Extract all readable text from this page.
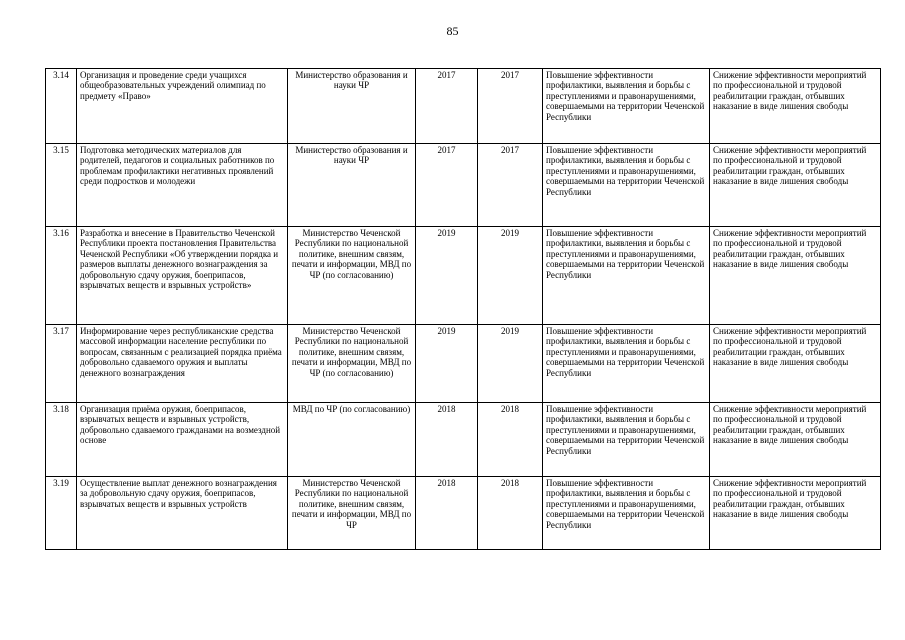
85
3.14	Организация и проведение среди учащихся общеобразовательных учреждений олимпиад по предмету «Право»	Министерство образования и науки ЧР	2017	2017	Повышение эффективности профилактики, выявления и борьбы с преступлениями и правонарушениями, совершаемыми на территории Чеченской Республики	Снижение эффективности мероприятий по профессиональной и трудовой реабилитации граждан, отбывших наказание в виде лишения свободы
3.15	Подготовка методических материалов для родителей, педагогов и социальных работников по проблемам профилактики негативных проявлений среди подростков и молодежи	Министерство образования и науки ЧР	2017	2017	Повышение эффективности профилактики, выявления и борьбы с преступлениями и правонарушениями, совершаемыми на территории Чеченской Республики	Снижение эффективности мероприятий по профессиональной и трудовой реабилитации граждан, отбывших наказание в виде лишения свободы
3.16	Разработка и внесение в Правительство Чеченской Республики проекта постановления Правительства Чеченской Республики «Об утверждении порядка и размеров выплаты денежного вознаграждения за добровольную сдачу оружия, боеприпасов, взрывчатых веществ и взрывных устройств»	Министерство Чеченской Республики по национальной политике, внешним связям, печати и информации, МВД по ЧР (по согласованию)	2019	2019	Повышение эффективности профилактики, выявления и борьбы с преступлениями и правонарушениями, совершаемыми на территории Чеченской Республики	Снижение эффективности мероприятий по профессиональной и трудовой реабилитации граждан, отбывших наказание в виде лишения свободы
3.17	Информирование через республиканские средства массовой информации население республики по вопросам, связанным с реализацией порядка приёма добровольно сдаваемого оружия и выплаты денежного вознаграждения	Министерство Чеченской Республики по национальной политике, внешним связям, печати и информации, МВД по ЧР (по согласованию)	2019	2019	Повышение эффективности профилактики, выявления и борьбы с преступлениями и правонарушениями, совершаемыми на территории Чеченской Республики	Снижение эффективности мероприятий по профессиональной и трудовой реабилитации граждан, отбывших наказание в виде лишения свободы
3.18	Организация приёма оружия, боеприпасов, взрывчатых веществ и взрывных устройств, добровольно сдаваемого гражданами на возмездной основе	МВД по ЧР (по согласованию)	2018	2018	Повышение эффективности профилактики, выявления и борьбы с преступлениями и правонарушениями, совершаемыми на территории Чеченской Республики	Снижение эффективности мероприятий по профессиональной и трудовой реабилитации граждан, отбывших наказание в виде лишения свободы
3.19	Осуществление выплат денежного вознаграждения за добровольную сдачу оружия, боеприпасов, взрывчатых веществ и взрывных устройств	Министерство Чеченской Республики по национальной политике, внешним связям, печати и информации, МВД по ЧР	2018	2018	Повышение эффективности профилактики, выявления и борьбы с преступлениями и правонарушениями, совершаемыми на территории Чеченской Республики	Снижение эффективности мероприятий по профессиональной и трудовой реабилитации граждан, отбывших наказание в виде лишения свободы
